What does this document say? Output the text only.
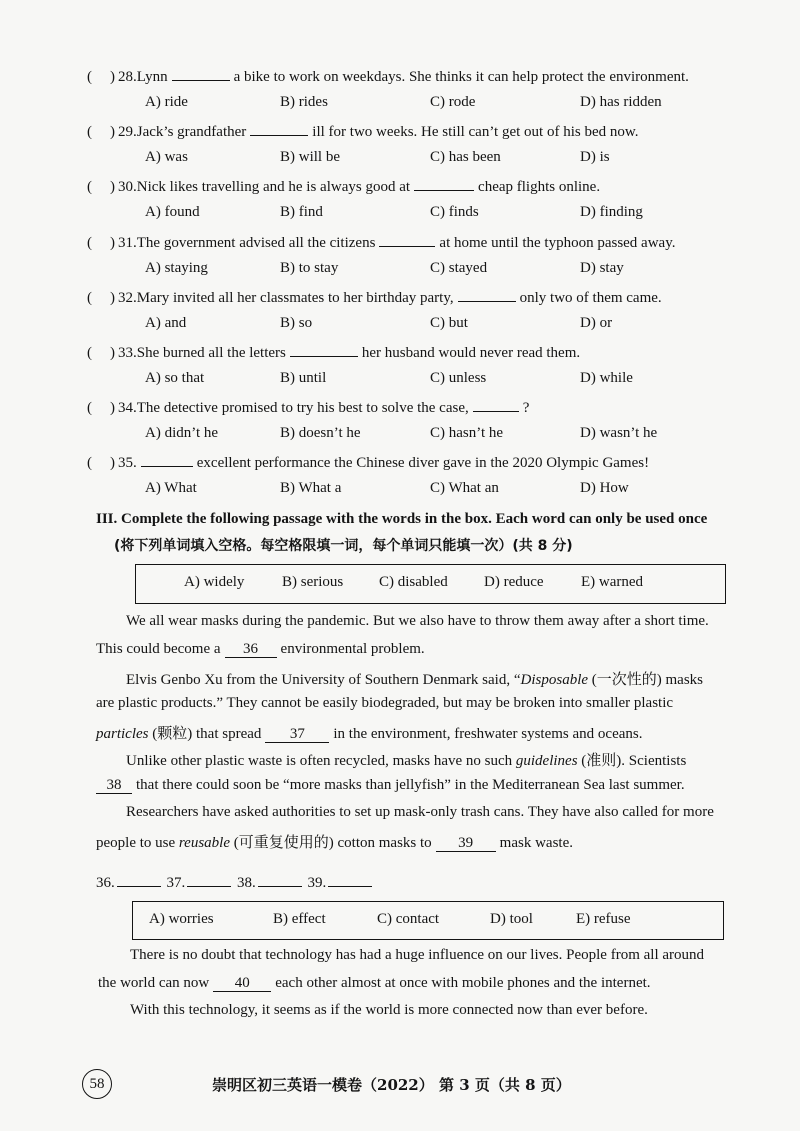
( ) 28.Lynn	a bike to work on weekdays. She thinks it can help protect the environment.
A) ride	B) rides	C) rode	D) has ridden
( ) 29.Jack’s grandfather	ill for two weeks. He still can’t get out of his bed now.
A) was	B) will be	C) has been	D) is
( ) 30.Nick likes travelling and he is always good at	cheap flights online.
A) found	B) find	C) finds	D) finding
( ) 31.The government advised all the citizens	at home until the typhoon passed away.
A) staying	B) to stay	C) stayed	D) stay
( ) 32.Mary invited all her classmates to her birthday party,	only two of them came.
A) and	B) so	C) but	D) or
( ) 33.She burned all the letters	her husband would never read them.
A) so that	B) until	C) unless	D) while
( ) 34.The detective promised to try his best to solve the case,	?
A) didn’t he	B) doesn’t he	C) hasn’t he	D) wasn’t he
( ) 35.	excellent performance the Chinese diver gave in the 2020 Olympic Games!
A) What	B) What a	C) What an	D) How
III. Complete the following passage with the words in the box. Each word can only be used once
(将下列单词填入空格。每空格限填一词，每个单词只能填一次）(共 8 分)
A) widely	B) serious C) disabled D) reduce E) warned
We all wear masks during the pandemic. But we also have to throw them away after a short time.
This could become a 36 environmental problem.
Elvis Genbo Xu from the University of Southern Denmark said, “Disposable (一次性的) masks
are plastic products.” They cannot be easily biodegraded, but may be broken into smaller plastic
particles (颗粒) that spread 37 in the environment, freshwater systems and oceans.
Unlike other plastic waste is often recycled, masks have no such guidelines (准则). Scientists
38 that there could soon be “more masks than jellyfish” in the Mediterranean Sea last summer.
Researchers have asked authorities to set up mask-only trash cans. They have also called for more
people to use reusable (可重复使用的) cotton masks to 39 mask waste.
36.	37.	38.	39.
A) worries	B) effect	C) contact	D) tool	E) refuse
There is no doubt that technology has had a huge influence on our lives. People from all around
the world can now 40 each other almost at once with mobile phones and the internet.
With this technology, it seems as if the world is more connected now than ever before.
58	崇明区初三英语一模卷（2022） 第 3 页（共 8 页）
